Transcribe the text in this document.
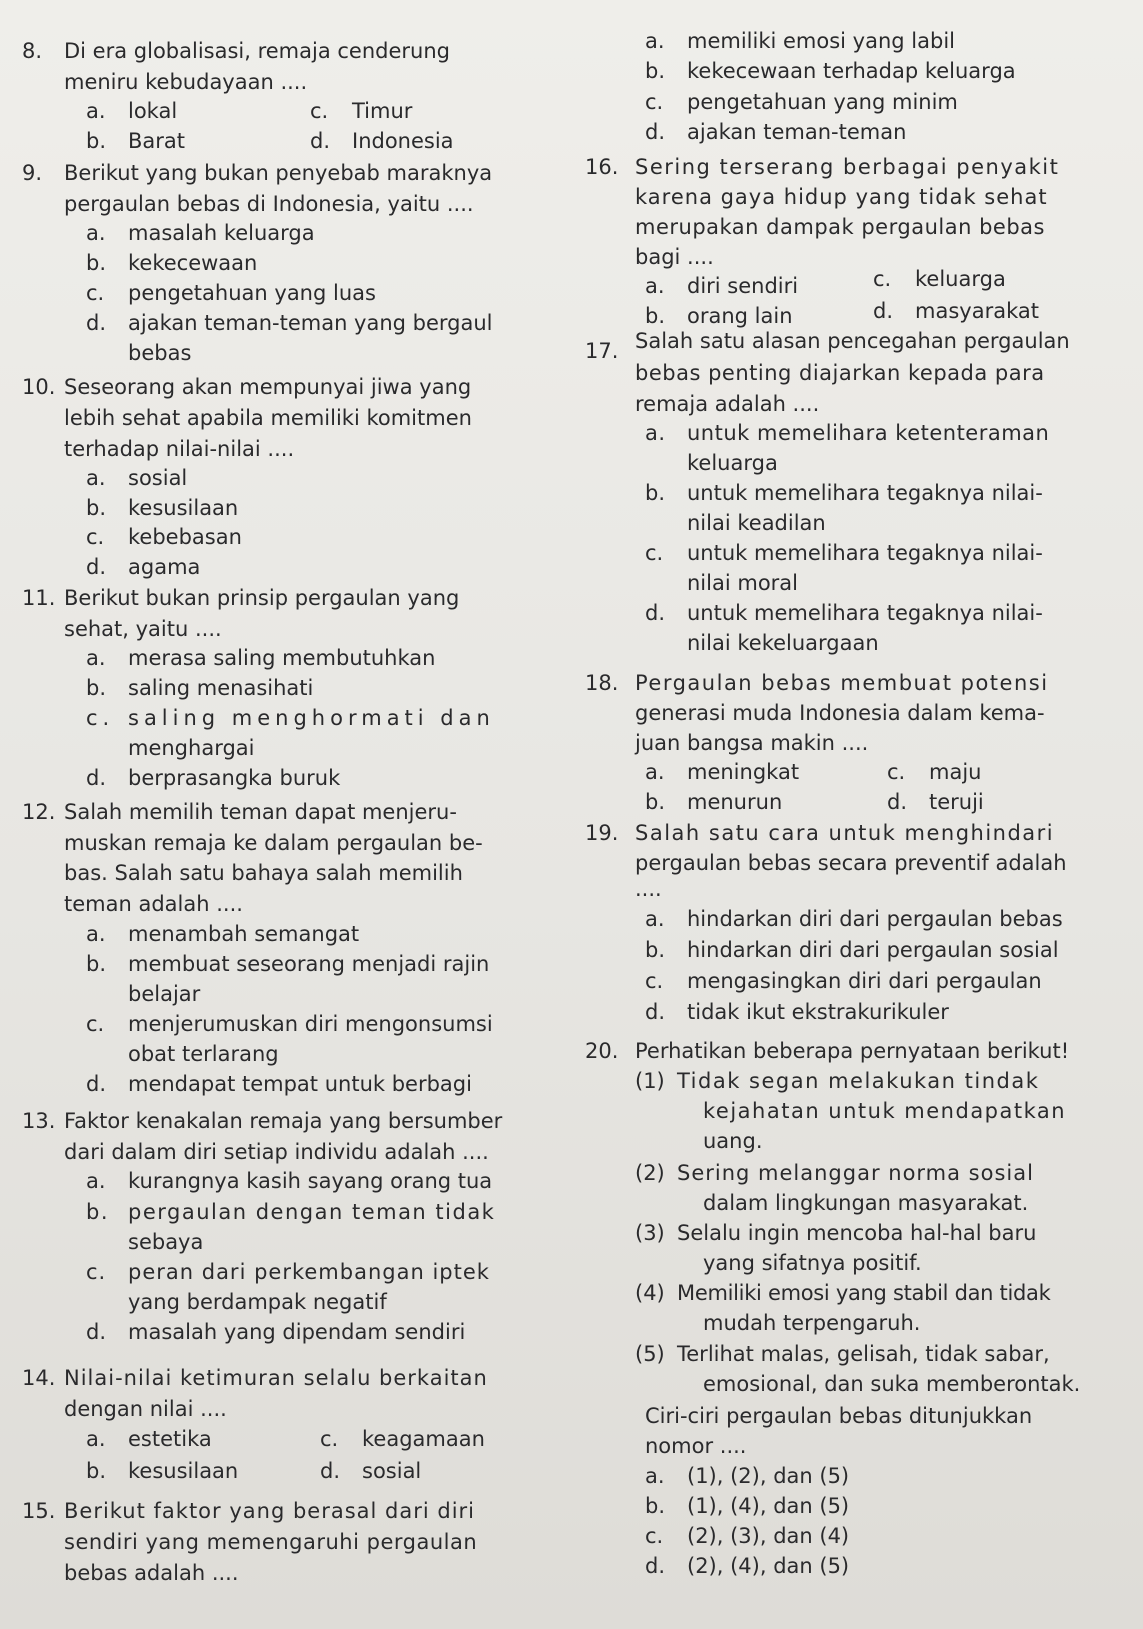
8. Di era globalisasi, remaja cenderung
meniru kebudayaan ....
a. lokal	c. Timur
b. Barat	d. Indonesia
9. Berikut yang bukan penyebab maraknya
pergaulan bebas di Indonesia, yaitu ....
a. masalah keluarga
b. kekecewaan
c. pengetahuan yang luas
d. ajakan teman-teman yang bergaul
bebas
10. Seseorang akan mempunyai jiwa yang
lebih sehat apabila memiliki komitmen
terhadap nilai-nilai ....
a. sosial
b. kesusilaan
c. kebebasan
d. agama
11. Berikut bukan prinsip pergaulan yang
sehat, yaitu ....
a. merasa saling membutuhkan
b. saling menasihati
c. saling menghormati dan
menghargai
d. berprasangka buruk
12. Salah memilih teman dapat menjeru-
muskan remaja ke dalam pergaulan be-
bas. Salah satu bahaya salah memilih
teman adalah ....
a. menambah semangat
b. membuat seseorang menjadi rajin
belajar
c. menjerumuskan diri mengonsumsi
obat terlarang
d. mendapat tempat untuk berbagi
13. Faktor kenakalan remaja yang bersumber
dari dalam diri setiap individu adalah ....
a. kurangnya kasih sayang orang tua
b. pergaulan dengan teman tidak
sebaya
c. peran dari perkembangan iptek
yang berdampak negatif
d. masalah yang dipendam sendiri
14. Nilai-nilai ketimuran selalu berkaitan
dengan nilai ....
a. estetika	c. keagamaan
b. kesusilaan	d. sosial
15. Berikut faktor yang berasal dari diri
sendiri yang memengaruhi pergaulan
bebas adalah ....
a. memiliki emosi yang labil
b. kekecewaan terhadap keluarga
c. pengetahuan yang minim
d. ajakan teman-teman
16. Sering terserang berbagai penyakit
karena gaya hidup yang tidak sehat
merupakan dampak pergaulan bebas
bagi ....
a. diri sendiri	c. keluarga
b. orang lain	d. masyarakat
17. Salah satu alasan pencegahan pergaulan
bebas penting diajarkan kepada para
remaja adalah ....
a. untuk memelihara ketenteraman
keluarga
b. untuk memelihara tegaknya nilai-
nilai keadilan
c. untuk memelihara tegaknya nilai-
nilai moral
d. untuk memelihara tegaknya nilai-
nilai kekeluargaan
18. Pergaulan bebas membuat potensi
generasi muda Indonesia dalam kema-
juan bangsa makin ....
a. meningkat	c. maju
b. menurun	d. teruji
19. Salah satu cara untuk menghindari
pergaulan bebas secara preventif adalah
....
a. hindarkan diri dari pergaulan bebas
b. hindarkan diri dari pergaulan sosial
c. mengasingkan diri dari pergaulan
d. tidak ikut ekstrakurikuler
20. Perhatikan beberapa pernyataan berikut!
(1) Tidak segan melakukan tindak
kejahatan untuk mendapatkan
uang.
(2) Sering melanggar norma sosial
dalam lingkungan masyarakat.
(3) Selalu ingin mencoba hal-hal baru
yang sifatnya positif.
(4) Memiliki emosi yang stabil dan tidak
mudah terpengaruh.
(5) Terlihat malas, gelisah, tidak sabar,
emosional, dan suka memberontak.
Ciri-ciri pergaulan bebas ditunjukkan
nomor ....
a. (1), (2), dan (5)
b. (1), (4), dan (5)
c. (2), (3), dan (4)
d. (2), (4), dan (5)
